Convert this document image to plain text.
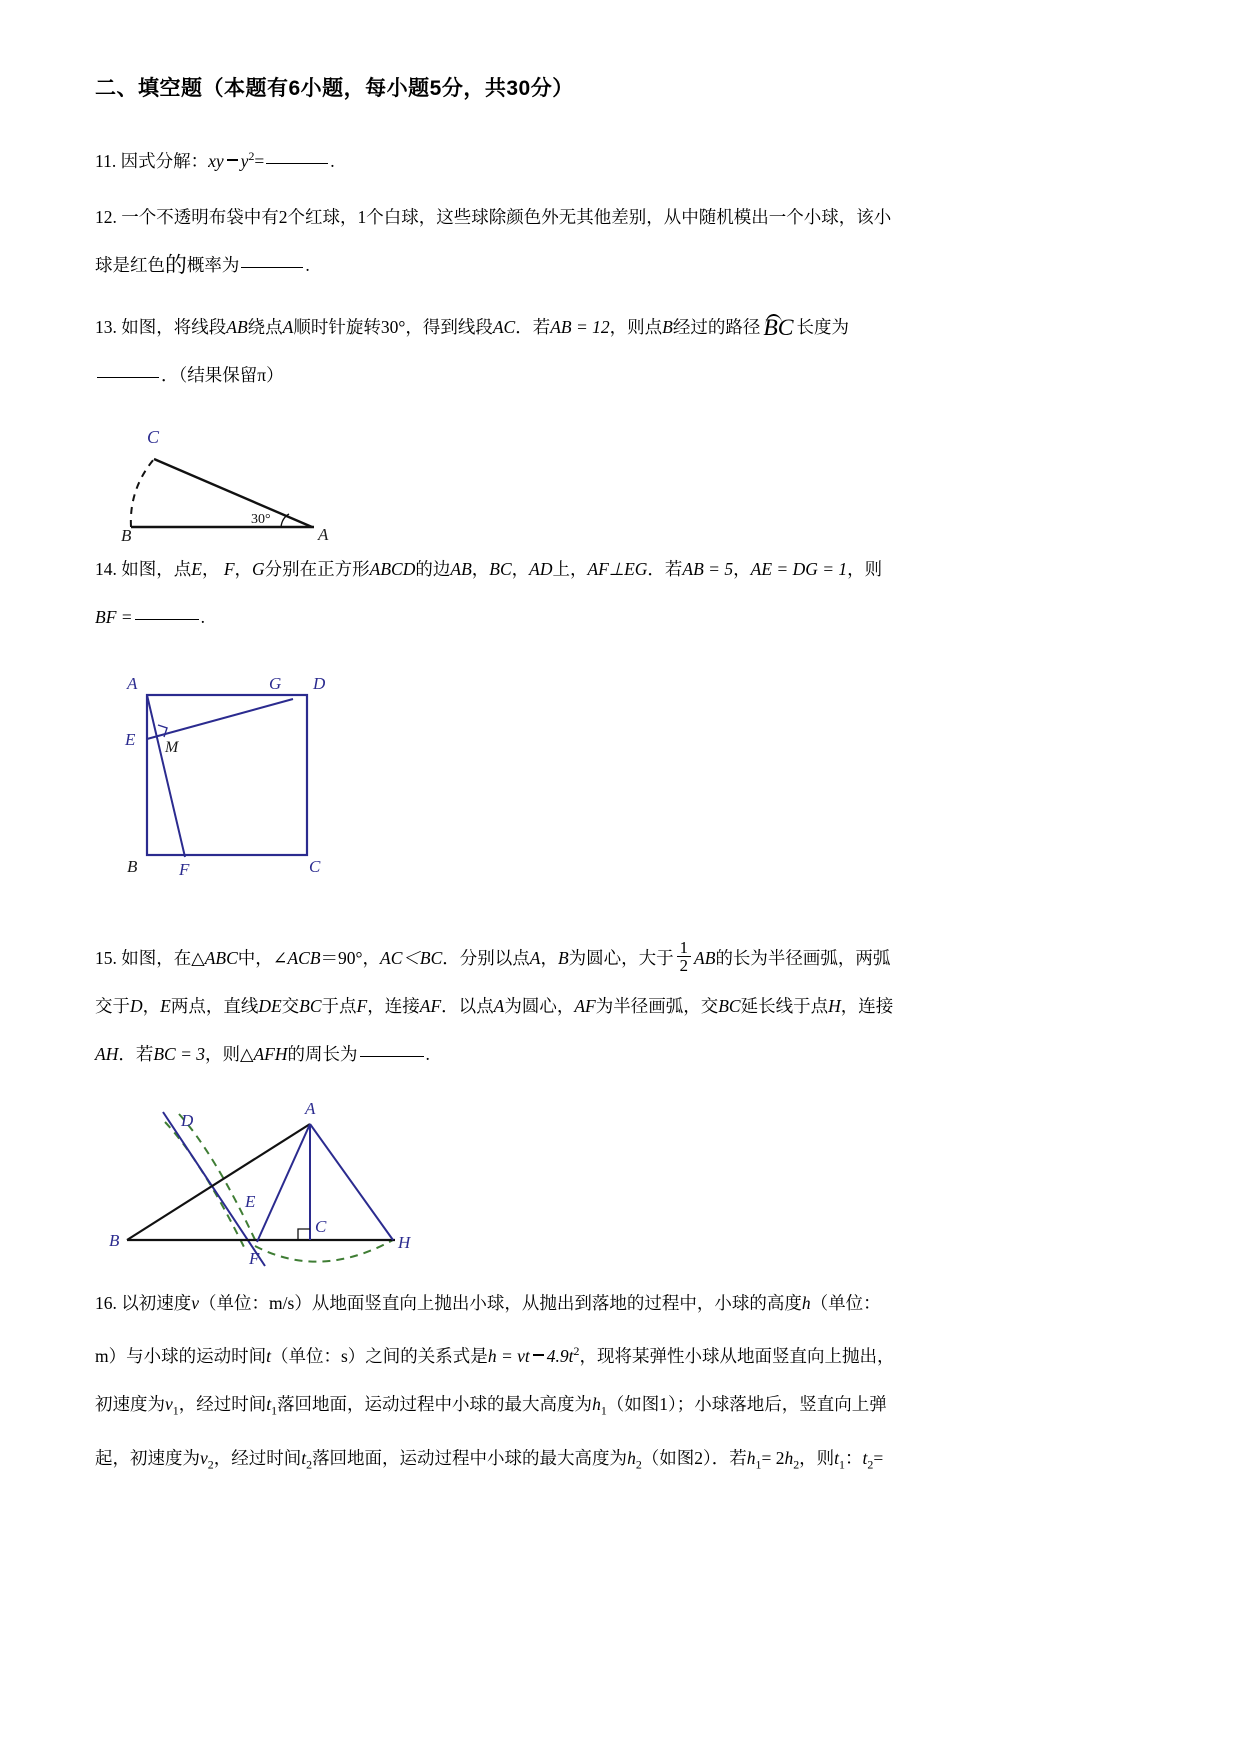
二、填空题（本题有6小题，每小题5分，共30分）
11. 因式分解：xy $y^2=$	.
12. 一个不透明布袋中有2个红球，1个白球，这些球除颜色外无其他差别，从中随机模出一个小球，该小
球是红色的概率为	.
13. 如图，将线段AB绕点A顺时针旋转30°，得到线段AC．若AB = 12，则点B经过的路径 BC 长度为
．（结果保留π）
C
B	A
30°
14. 如图，点E， F，G分别在正方形ABCD的边AB，BC，AD上，AF⊥EG．若AB = 5，AE = DG = 1，则
BF =	.
A	G D
E M
B F	C
15. 如图，在△ABC中，∠ACB＝90°，AC＜BC．分别以点A，B为圆心，大于 $\frac{1}{2}$ AB的长为半径画弧，两弧
交于D，E两点，直线DE交BC于点F，连接AF．以点A为圆心，AF为半径画弧，交BC延长线于点H，连接
AH．若BC = 3，则△AFH的周长为	.
A
D
E
C
B
F
H
16. 以初速度v（单位：m/s）从地面竖直向上抛出小球，从抛出到落地的过程中，小球的高度h（单位：
m）与小球的运动时间t（单位：s）之间的关系式是h = vt $4.9t^2$，现将某弹性小球从地面竖直向上抛出，
初速度为$v_1$，经过时间$t_1$落回地面，运动过程中小球的最大高度为$h_1$（如图1）；小球落地后，竖直向上弹
起，初速度为$v_2$，经过时间$t_2$落回地面，运动过程中小球的最大高度为$h_2$（如图2）．若$h_1= 2h_2$，则$t_1$：$t_2=$
